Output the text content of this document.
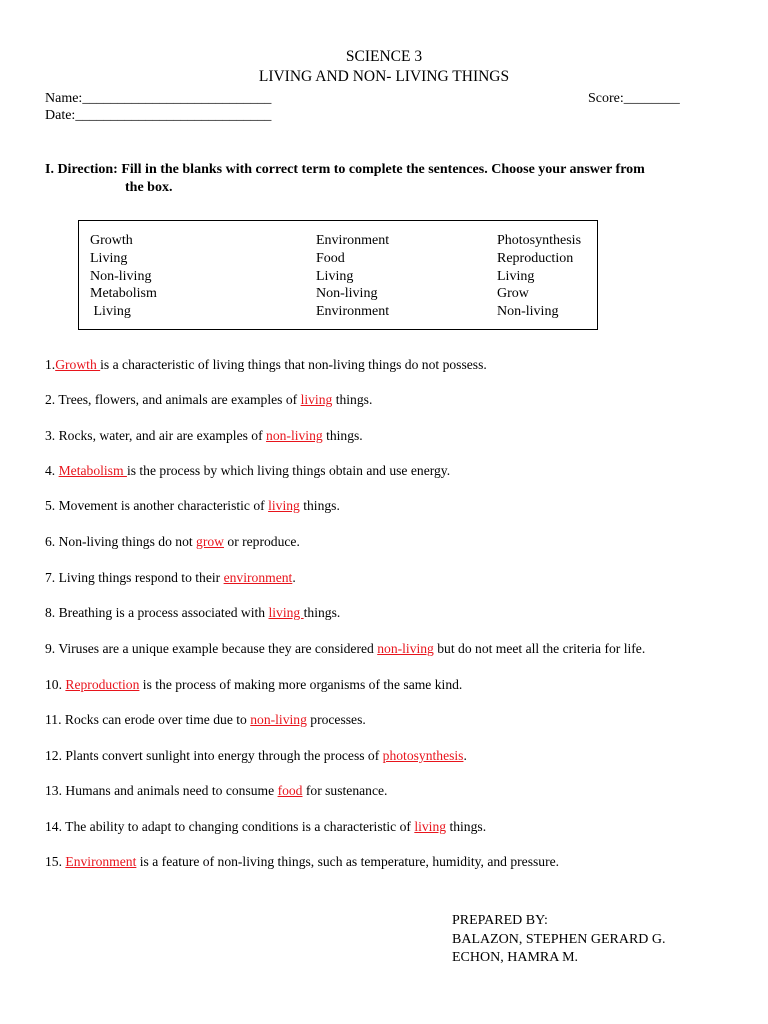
SCIENCE 3
LIVING AND NON- LIVING THINGS
Name:___________________________	Score:________
Date:____________________________
I. Direction: Fill in the blanks with correct term to complete the sentences. Choose your answer from
the box.
Growth
Living
Non-living
Metabolism
Living
Environment
Food
Living
Non-living
Environment
Photosynthesis
Reproduction
Living
Grow
Non-living
1.Growth is a characteristic of living things that non-living things do not possess.
2. Trees, flowers, and animals are examples of living things.
3. Rocks, water, and air are examples of non-living things.
4. Metabolism is the process by which living things obtain and use energy.
5. Movement is another characteristic of living things.
6. Non-living things do not grow or reproduce.
7. Living things respond to their environment.
8. Breathing is a process associated with living things.
9. Viruses are a unique example because they are considered non-living but do not meet all the criteria for life.
10. Reproduction is the process of making more organisms of the same kind.
11. Rocks can erode over time due to non-living processes.
12. Plants convert sunlight into energy through the process of photosynthesis.
13. Humans and animals need to consume food for sustenance.
14. The ability to adapt to changing conditions is a characteristic of living things.
15. Environment is a feature of non-living things, such as temperature, humidity, and pressure.
PREPARED BY:
BALAZON, STEPHEN GERARD G.
ECHON, HAMRA M.
